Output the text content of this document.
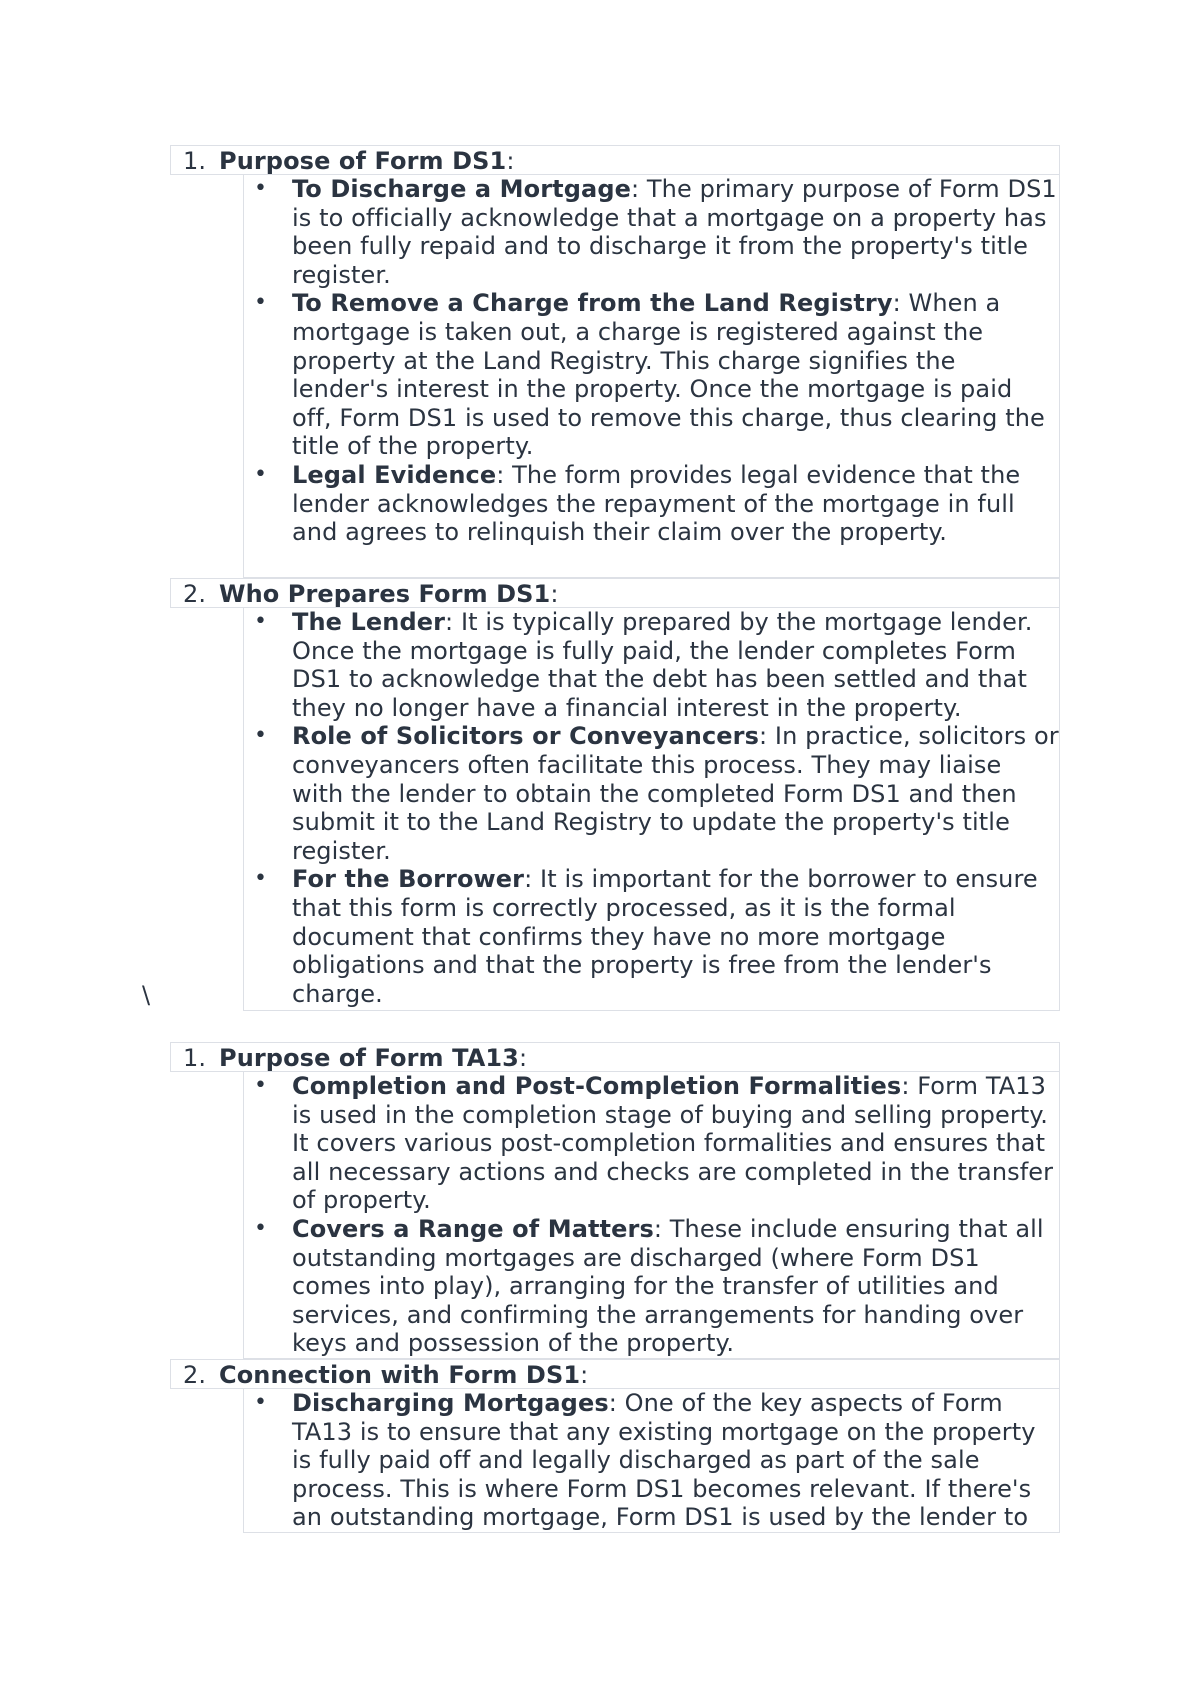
1. Purpose of Form DS1:
• To Discharge a Mortgage: The primary purpose of Form DS1 is to officially acknowledge that a mortgage on a property has been fully repaid and to discharge it from the property's title register.
• To Remove a Charge from the Land Registry: When a mortgage is taken out, a charge is registered against the property at the Land Registry. This charge signifies the lender's interest in the property. Once the mortgage is paid off, Form DS1 is used to remove this charge, thus clearing the title of the property.
• Legal Evidence: The form provides legal evidence that the lender acknowledges the repayment of the mortgage in full and agrees to relinquish their claim over the property.
2. Who Prepares Form DS1:
• The Lender: It is typically prepared by the mortgage lender. Once the mortgage is fully paid, the lender completes Form DS1 to acknowledge that the debt has been settled and that they no longer have a financial interest in the property.
• Role of Solicitors or Conveyancers: In practice, solicitors or conveyancers often facilitate this process. They may liaise with the lender to obtain the completed Form DS1 and then submit it to the Land Registry to update the property's title register.
• For the Borrower: It is important for the borrower to ensure that this form is correctly processed, as it is the formal document that confirms they have no more mortgage obligations and that the property is free from the lender's charge.
\
1. Purpose of Form TA13:
• Completion and Post-Completion Formalities: Form TA13 is used in the completion stage of buying and selling property. It covers various post-completion formalities and ensures that all necessary actions and checks are completed in the transfer of property.
• Covers a Range of Matters: These include ensuring that all outstanding mortgages are discharged (where Form DS1 comes into play), arranging for the transfer of utilities and services, and confirming the arrangements for handing over keys and possession of the property.
2. Connection with Form DS1:
• Discharging Mortgages: One of the key aspects of Form TA13 is to ensure that any existing mortgage on the property is fully paid off and legally discharged as part of the sale process. This is where Form DS1 becomes relevant. If there's an outstanding mortgage, Form DS1 is used by the lender to
